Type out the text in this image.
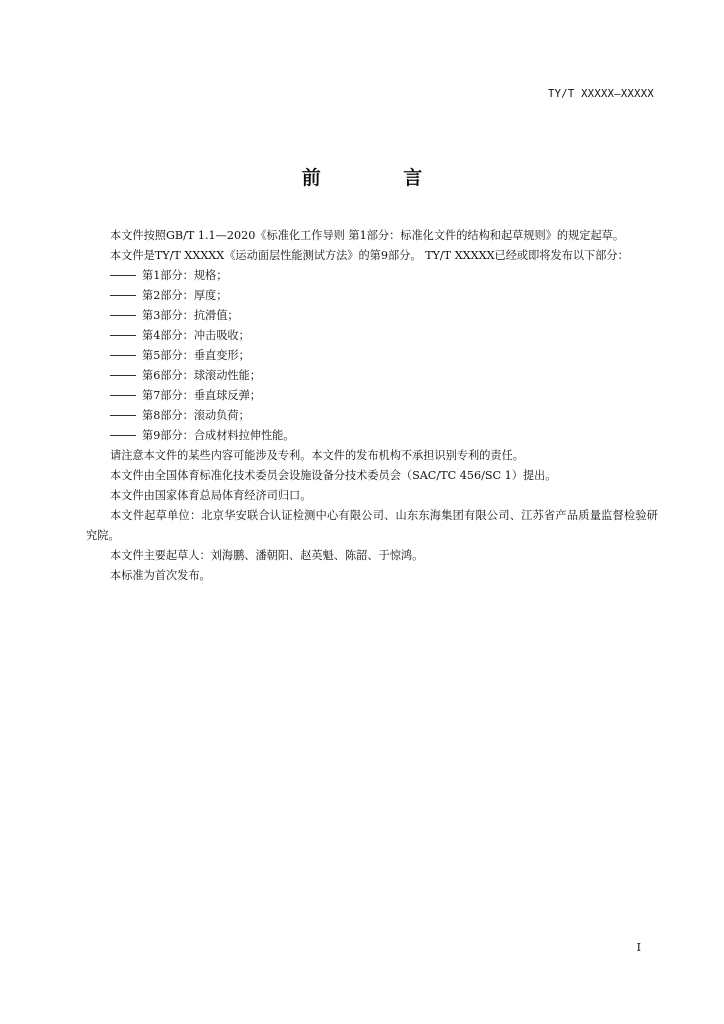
TY/T XXXXX—XXXXX
前 言

本文件按照GB/T 1.1—2020《标准化工作导则 第1部分：标准化文件的结构和起草规则》的规定起草。

本文件是TY/T XXXXX《运动面层性能测试方法》的第9部分。 TY/T XXXXX已经或即将发布以下部分：

第1部分：规格；

第2部分：厚度；

第3部分：抗滑值；

第4部分：冲击吸收；

第5部分：垂直变形；

第6部分：球滚动性能；

第7部分：垂直球反弹；

第8部分：滚动负荷；

第9部分：合成材料拉伸性能。

请注意本文件的某些内容可能涉及专利。本文件的发布机构不承担识别专利的责任。

本文件由全国体育标准化技术委员会设施设备分技术委员会（SAC/TC 456/SC 1）提出。

本文件由国家体育总局体育经济司归口。

本文件起草单位：北京华安联合认证检测中心有限公司、山东东海集团有限公司、江苏省产品质量监督检验研究院。

本文件主要起草人：刘海鹏、潘朝阳、赵英魁、陈韶、于惊鸿。

本标准为首次发布。

I
